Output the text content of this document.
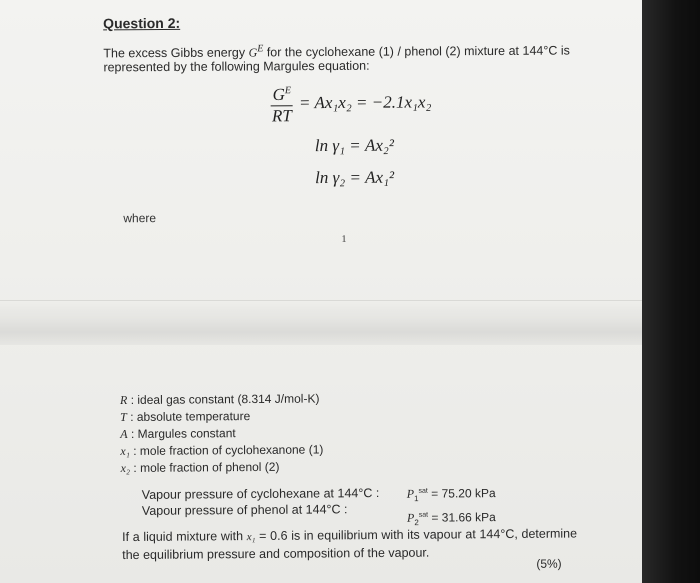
Question 2:
The excess Gibbs energy $G^E$ for the cyclohexane (1) / phenol (2) mixture at 144°C is represented by the following Margules equation:
$\frac{G^E}{RT} = Ax_1x_2 = -2.1x_1x_2$
ln γ₁ = Ax₂²
ln γ₂ = Ax₁²
where
1
R : ideal gas constant (8.314 J/mol-K)
T : absolute temperature
A : Margules constant
x₁ : mole fraction of cyclohexanone (1)
x₂ : mole fraction of phenol (2)
Vapour pressure of cyclohexane at 144°C :
Vapour pressure of phenol at 144°C :
$P_1^{sat} = 75.20$ kPa
$P_2^{sat} = 31.66$ kPa
If a liquid mixture with x₁ = 0.6 is in equilibrium with its vapour at 144°C, determine the equilibrium pressure and composition of the vapour.
(5%)
